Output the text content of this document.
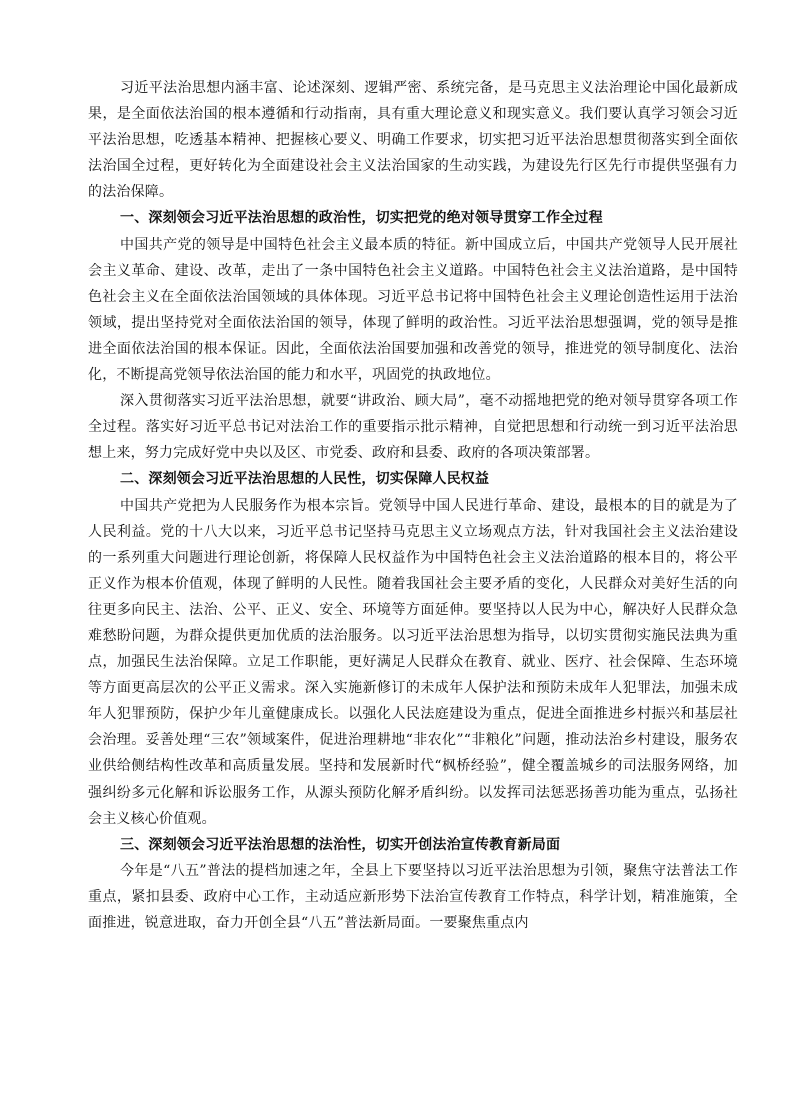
习近平法治思想内涵丰富、论述深刻、逻辑严密、系统完备，是马克思主义法治理论中国化最新成果，是全面依法治国的根本遵循和行动指南，具有重大理论意义和现实意义。我们要认真学习领会习近平法治思想，吃透基本精神、把握核心要义、明确工作要求，切实把习近平法治思想贯彻落实到全面依法治国全过程，更好转化为全面建设社会主义法治国家的生动实践，为建设先行区先行市提供坚强有力的法治保障。

一、深刻领会习近平法治思想的政治性，切实把党的绝对领导贯穿工作全过程

中国共产党的领导是中国特色社会主义最本质的特征。新中国成立后，中国共产党领导人民开展社会主义革命、建设、改革，走出了一条中国特色社会主义道路。中国特色社会主义法治道路，是中国特色社会主义在全面依法治国领域的具体体现。习近平总书记将中国特色社会主义理论创造性运用于法治领域，提出坚持党对全面依法治国的领导，体现了鲜明的政治性。习近平法治思想强调，党的领导是推进全面依法治国的根本保证。因此，全面依法治国要加强和改善党的领导，推进党的领导制度化、法治化，不断提高党领导依法治国的能力和水平，巩固党的执政地位。

深入贯彻落实习近平法治思想，就要“讲政治、顾大局”，毫不动摇地把党的绝对领导贯穿各项工作全过程。落实好习近平总书记对法治工作的重要指示批示精神，自觉把思想和行动统一到习近平法治思想上来，努力完成好党中央以及区、市党委、政府和县委、政府的各项决策部署。

二、深刻领会习近平法治思想的人民性，切实保障人民权益

中国共产党把为人民服务作为根本宗旨。党领导中国人民进行革命、建设，最根本的目的就是为了人民利益。党的十八大以来，习近平总书记坚持马克思主义立场观点方法，针对我国社会主义法治建设的一系列重大问题进行理论创新，将保障人民权益作为中国特色社会主义法治道路的根本目的，将公平正义作为根本价值观，体现了鲜明的人民性。随着我国社会主要矛盾的变化，人民群众对美好生活的向往更多向民主、法治、公平、正义、安全、环境等方面延伸。要坚持以人民为中心，解决好人民群众急难愁盼问题，为群众提供更加优质的法治服务。以习近平法治思想为指导，以切实贯彻实施民法典为重点，加强民生法治保障。立足工作职能，更好满足人民群众在教育、就业、医疗、社会保障、生态环境等方面更高层次的公平正义需求。深入实施新修订的未成年人保护法和预防未成年人犯罪法，加强未成年人犯罪预防，保护少年儿童健康成长。以强化人民法庭建设为重点，促进全面推进乡村振兴和基层社会治理。妥善处理“三农”领域案件，促进治理耕地“非农化”“非粮化”问题，推动法治乡村建设，服务农业供给侧结构性改革和高质量发展。坚持和发展新时代“枫桥经验”，健全覆盖城乡的司法服务网络，加强纠纷多元化解和诉讼服务工作，从源头预防化解矛盾纠纷。以发挥司法惩恶扬善功能为重点，弘扬社会主义核心价值观。

三、深刻领会习近平法治思想的法治性，切实开创法治宣传教育新局面

今年是“八五”普法的提档加速之年，全县上下要坚持以习近平法治思想为引领，聚焦守法普法工作重点，紧扣县委、政府中心工作，主动适应新形势下法治宣传教育工作特点，科学计划，精准施策，全面推进，锐意进取，奋力开创全县“八五”普法新局面。一要聚焦重点内
